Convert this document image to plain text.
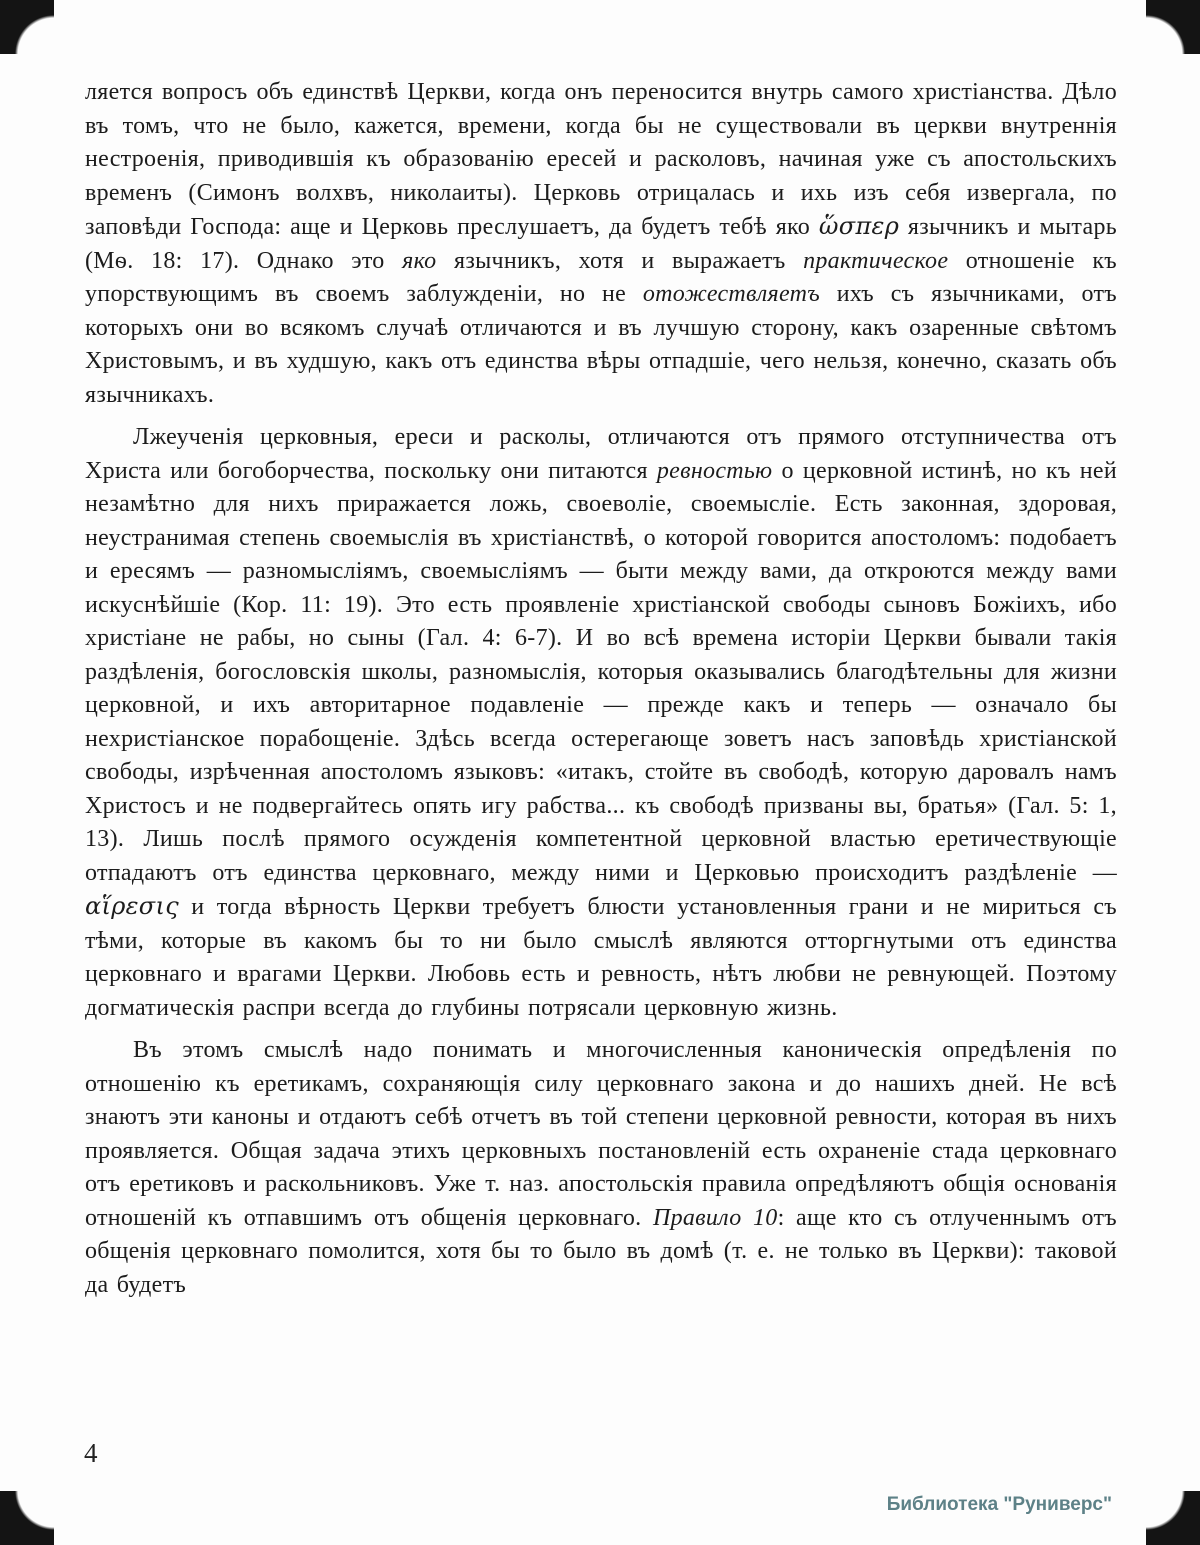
ляется вопросъ объ единствѣ Церкви, когда онъ переносится внутрь самого христіанства. Дѣло въ томъ, что не было, кажется, времени, когда бы не существовали въ церкви внутреннія нестроенія, приводившія къ образованію ересей и расколовъ, начиная уже съ апостольскихъ временъ (Симонъ волхвъ, николаиты). Церковь отрицалась и ихь изъ себя извергала, по заповѣди Господа: аще и Церковь преслушаетъ, да будетъ тебѣ яко ὥσπερ язычникъ и мытарь (Мѳ. 18: 17). Однако это яко язычникъ, хотя и выражаетъ практическое отношеніе къ упорствующимъ въ своемъ заблужденіи, но не отожествляетъ ихъ съ язычниками, отъ которыхъ они во всякомъ случаѣ отличаются и въ лучшую сторону, какъ озаренные свѣтомъ Христовымъ, и въ худшую, какъ отъ единства вѣры отпадшіе, чего нельзя, конечно, сказать объ язычникахъ.

Лжеученія церковныя, ереси и расколы, отличаются отъ прямого отступничества отъ Христа или богоборчества, поскольку они питаются ревностью о церковной истинѣ, но къ ней незамѣтно для нихъ приражается ложь, своеволіе, своемысліе. Есть законная, здоровая, неустранимая степень своемыслія въ христіанствѣ, о которой говорится апостоломъ: подобаетъ и ересямъ — разномысліямъ, своемысліямъ — быти между вами, да откроются между вами искуснѣйшіе (Кор. 11: 19). Это есть проявленіе христіанской свободы сыновъ Божіихъ, ибо христіане не рабы, но сыны (Гал. 4: 6-7). И во всѣ времена исторіи Церкви бывали такія раздѣленія, богословскія школы, разномыслія, которыя оказывались благодѣтельны для жизни церковной, и ихъ авторитарное подавленіе — прежде какъ и теперь — означало бы нехристіанское порабощеніе. Здѣсь всегда остерегающе зоветъ насъ заповѣдь христіанской свободы, изрѣченная апостоломъ языковъ: «итакъ, стойте въ свободѣ, которую даровалъ намъ Христосъ и не подвергайтесь опять игу рабства... къ свободѣ призваны вы, братья» (Гал. 5: 1, 13). Лишь послѣ прямого осужденія компетентной церковной властью еретичествующіе отпадаютъ отъ единства церковнаго, между ними и Церковью происходитъ раздѣленіе — αἵρεσις и тогда вѣрность Церкви требуетъ блюсти установленныя грани и не мириться съ тѣми, которые въ какомъ бы то ни было смыслѣ являются отторгнутыми отъ единства церковнаго и врагами Церкви. Любовь есть и ревность, нѣтъ любви не ревнующей. Поэтому догматическія распри всегда до глубины потрясали церковную жизнь.

Въ этомъ смыслѣ надо понимать и многочисленныя каноническія опредѣленія по отношенію къ еретикамъ, сохраняющія силу церковнаго закона и до нашихъ дней. Не всѣ знаютъ эти каноны и отдаютъ себѣ отчетъ въ той степени церковной ревности, которая въ нихъ проявляется. Общая задача этихъ церковныхъ постановленій есть охраненіе стада церковнаго отъ еретиковъ и раскольниковъ. Уже т. наз. апостольскія правила опредѣляютъ общія основанія отношеній къ отпавшимъ отъ общенія церковнаго. Правило 10: аще кто съ отлученнымъ отъ общенія церковнаго помолится, хотя бы то было въ домѣ (т. е. не только въ Церкви): таковой да будетъ

4
Библиотека "Руниверс"
